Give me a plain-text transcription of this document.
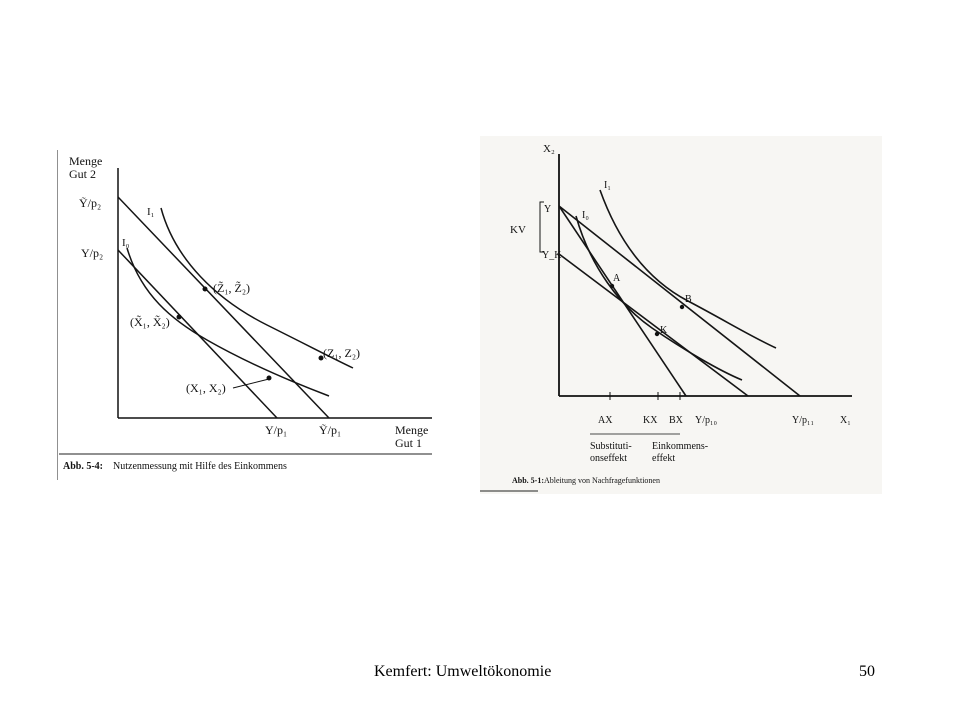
Menge
Gut 2
Ỹ/p₂
Y/p₂
I₁
I₀
(Z̃₁, Z̃₂)
(X̃₁, X̃₂)
(Z₁, Z₂)
(X₁, X₂)
Y/p₁	Ỹ/p₁	Menge
Gut 1
Abb. 5-4: Nutzenmessung mit Hilfe des Einkommens
X₂
Y
Y_K
KV
I₁
I₀
A
B
K
AX	KX BX Y/p₁₀	Y/p₁₁	X₁
Substituti-
onseffekt
Einkommens-
effekt
Abb. 5-1: Ableitung von Nachfragefunktionen
Kemfert: Umweltökonomie	50
